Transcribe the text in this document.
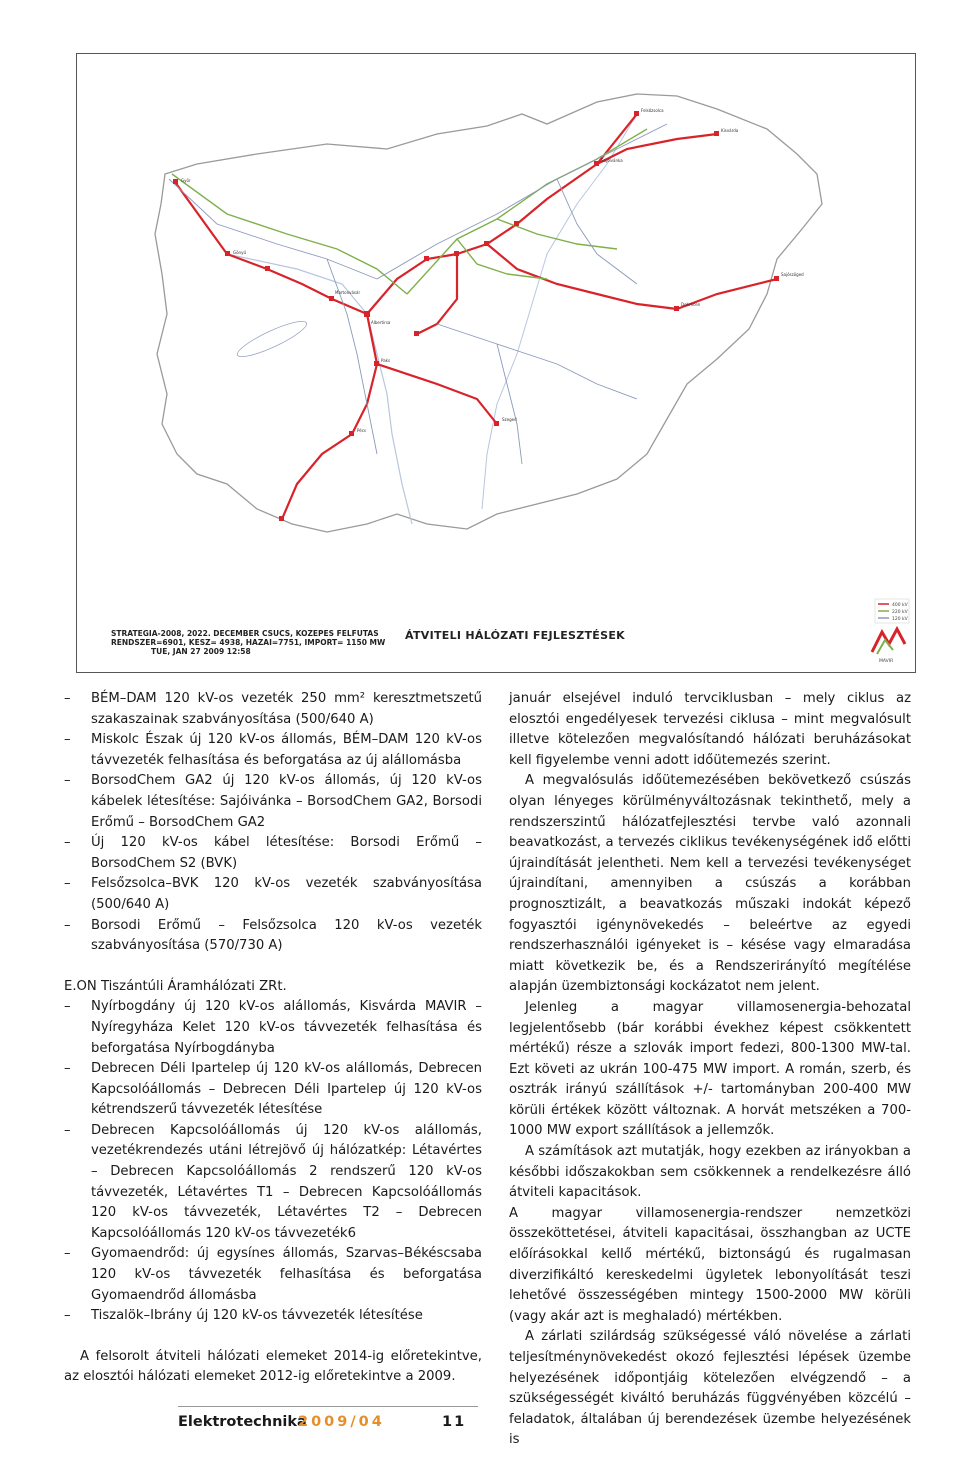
Györ
Gönyű
Martonvásár
Albertirsa
Sajóivánka
Felsőzsolca
Debrecen
Paks
Pécs
Szeged
Kisvárda
Sajószöged
STRATEGIA-2008, 2022. DECEMBER CSUCS, KOZEPES FELFUTAS
RENDSZER=6901, KESZ= 4938, HAZAI=7751, IMPORT= 1150 MW
TUE, JAN 27 2009 12:58
ÁTVITELI HÁLÓZATI FEJLESZTÉSEK
400 kV
220 kV
120 kV
MAVIR
– BÉM–DAM 120 kV-os vezeték 250 mm² keresztmetszetű szakaszainak szabványosítása (500/640 A)
– Miskolc Észak új 120 kV-os állomás, BÉM–DAM 120 kV-os távvezeték felhasítása és beforgatása az új alállomásba
– BorsodChem GA2 új 120 kV-os állomás, új 120 kV-os kábelek létesítése: Sajóivánka – BorsodChem GA2, Borsodi Erőmű – BorsodChem GA2
– Új 120 kV-os kábel létesítése: Borsodi Erőmű – BorsodChem S2 (BVK)
– Felsőzsolca–BVK 120 kV-os vezeték szabványosítása (500/640 A)
– Borsodi Erőmű – Felsőzsolca 120 kV-os vezeték szabványosítása (570/730 A)
E.ON Tiszántúli Áramhálózati ZRt.
– Nyírbogdány új 120 kV-os alállomás, Kisvárda MAVIR – Nyíregyháza Kelet 120 kV-os távvezeték felhasítása és beforgatása Nyírbogdányba
– Debrecen Déli Ipartelep új 120 kV-os alállomás, Debrecen Kapcsolóállomás – Debrecen Déli Ipartelep új 120 kV-os kétrendszerű távvezeték létesítése
– Debrecen Kapcsolóállomás új 120 kV-os alállomás, vezetékrendezés utáni létrejövő új hálózatkép: Létavértes – Debrecen Kapcsolóállomás 2 rendszerű 120 kV-os távvezeték, Létavértes T1 – Debrecen Kapcsolóállomás 120 kV-os távvezeték, Létavértes T2 – Debrecen Kapcsolóállomás 120 kV-os távvezeték6
– Gyomaendrőd: új egysínes állomás, Szarvas–Békéscsaba 120 kV-os távvezeték felhasítása és beforgatása Gyomaendrőd állomásba
– Tiszalök–Ibrány új 120 kV-os távvezeték létesítése
A felsorolt átviteli hálózati elemeket 2014-ig előretekintve, az elosztói hálózati elemeket 2012-ig előretekintve a 2009.
január elsejével induló tervciklusban – mely ciklus az elosztói engedélyesek tervezési ciklusa – mint megvalósult illetve kötelezően megvalósítandó hálózati beruházásokat kell figyelembe venni adott időütemezés szerint.
A megvalósulás időütemezésében bekövetkező csúszás olyan lényeges körülményváltozásnak tekinthető, mely a rendszerszintű hálózatfejlesztési tervbe való azonnali beavatkozást, a tervezés ciklikus tevékenységének idő előtti újraindítását jelentheti. Nem kell a tervezési tevékenységet újraindítani, amennyiben a csúszás a korábban prognosztizált, a beavatkozás műszaki indokát képező fogyasztói igénynövekedés – beleértve az egyedi rendszerhasználói igényeket is – késése vagy elmaradása miatt következik be, és a Rendszerirányító megítélése alapján üzembiztonsági kockázatot nem jelent.
Jelenleg a magyar villamosenergia-behozatal legjelentősebb (bár korábbi évekhez képest csökkentett mértékű) része a szlovák import fedezi, 800-1300 MW-tal. Ezt követi az ukrán 100-475 MW import. A román, szerb, és osztrák irányú szállítások +/- tartományban 200-400 MW körüli értékek között változnak. A horvát metszéken a 700-1000 MW export szállítások a jellemzők.
A számítások azt mutatják, hogy ezekben az irányokban a későbbi időszakokban sem csökkennek a rendelkezésre álló átviteli kapacitások.
A magyar villamosenergia-rendszer nemzetközi összeköttetései, átviteli kapacitásai, összhangban az UCTE előírásokkal kellő mértékű, biztonságú és rugalmasan diverzifikáltó kereskedelmi ügyletek lebonyolítását teszi lehetővé összességében mintegy 1500-2000 MW körüli (vagy akár azt is meghaladó) mértékben.
A zárlati szilárdság szükségessé váló növelése a zárlati teljesítménynövekedést okozó fejlesztési lépések üzembe helyezésének időpontjáig kötelezően elvégzendő – a szükségességét kiváltó beruházás függvényében közcélú – feladatok, általában új berendezések üzembe helyezésének is
Elektrotechnika
2009/04	11
